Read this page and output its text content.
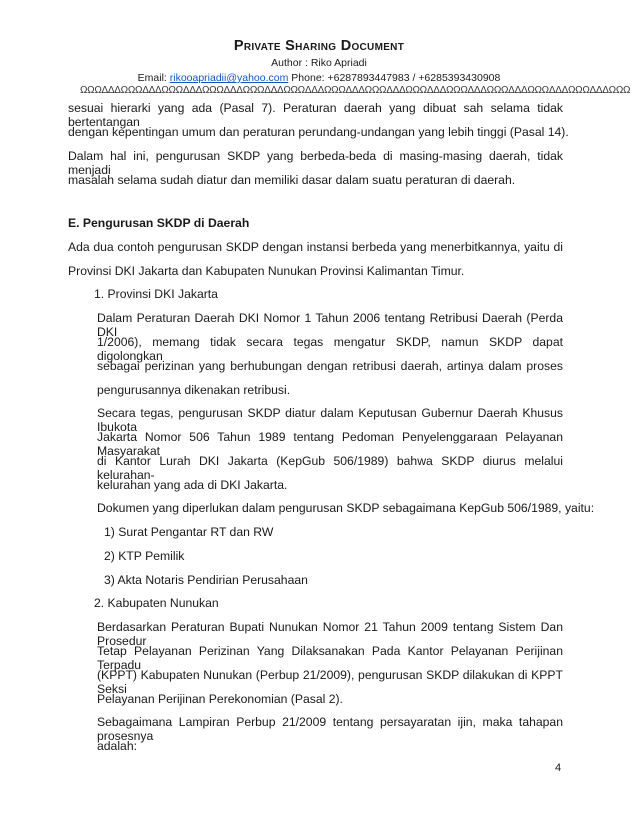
Private Sharing Document
Author : Riko Apriadi
Email: rikooapriadii@yahoo.com Phone: +6287893447983 / +6285393430908
ΩΩΩΔΔΔΩΩΩΔΔΔΩΩΩΔΔΔΩΩΩΔΔΔΩΩΩΔΔΔΩΩΩΔΔΔΩΩΩΔΔΔΩΩΩΔΔΔΩΩΩΔΔΔΩΩΩΔΔΔΩΩΩΔΔΔΩΩΩΔΔΔΩΩΩΔΔΔΩΩΩ
sesuai hierarki yang ada (Pasal 7). Peraturan daerah yang dibuat sah selama tidak bertentangan
dengan kepentingan umum dan peraturan perundang-undangan yang lebih tinggi (Pasal 14).
Dalam hal ini, pengurusan SKDP yang berbeda-beda di masing-masing daerah, tidak menjadi
masalah selama sudah diatur dan memiliki dasar dalam suatu peraturan di daerah.
E. Pengurusan SKDP di Daerah
Ada dua contoh pengurusan SKDP dengan instansi berbeda yang menerbitkannya, yaitu di
Provinsi DKI Jakarta dan Kabupaten Nunukan Provinsi Kalimantan Timur.
1. Provinsi DKI Jakarta
Dalam Peraturan Daerah DKI Nomor 1 Tahun 2006 tentang Retribusi Daerah (Perda DKI
1/2006), memang tidak secara tegas mengatur SKDP, namun SKDP dapat digolongkan
sebagai perizinan yang berhubungan dengan retribusi daerah, artinya dalam proses
pengurusannya dikenakan retribusi.
Secara tegas, pengurusan SKDP diatur dalam Keputusan Gubernur Daerah Khusus Ibukota
Jakarta Nomor 506 Tahun 1989 tentang Pedoman Penyelenggaraan Pelayanan Masyarakat
di Kantor Lurah DKI Jakarta (KepGub 506/1989) bahwa SKDP diurus melalui kelurahan-
kelurahan yang ada di DKI Jakarta.
Dokumen yang diperlukan dalam pengurusan SKDP sebagaimana KepGub 506/1989, yaitu:
1) Surat Pengantar RT dan RW
2) KTP Pemilik
3) Akta Notaris Pendirian Perusahaan
2. Kabupaten Nunukan
Berdasarkan Peraturan Bupati Nunukan Nomor 21 Tahun 2009 tentang Sistem Dan Prosedur
Tetap Pelayanan Perizinan Yang Dilaksanakan Pada Kantor Pelayanan Perijinan Terpadu
(KPPT) Kabupaten Nunukan (Perbup 21/2009), pengurusan SKDP dilakukan di KPPT Seksi
Pelayanan Perijinan Perekonomian (Pasal 2).
Sebagaimana Lampiran Perbup 21/2009 tentang persayaratan ijin, maka tahapan prosesnya
adalah:
4
